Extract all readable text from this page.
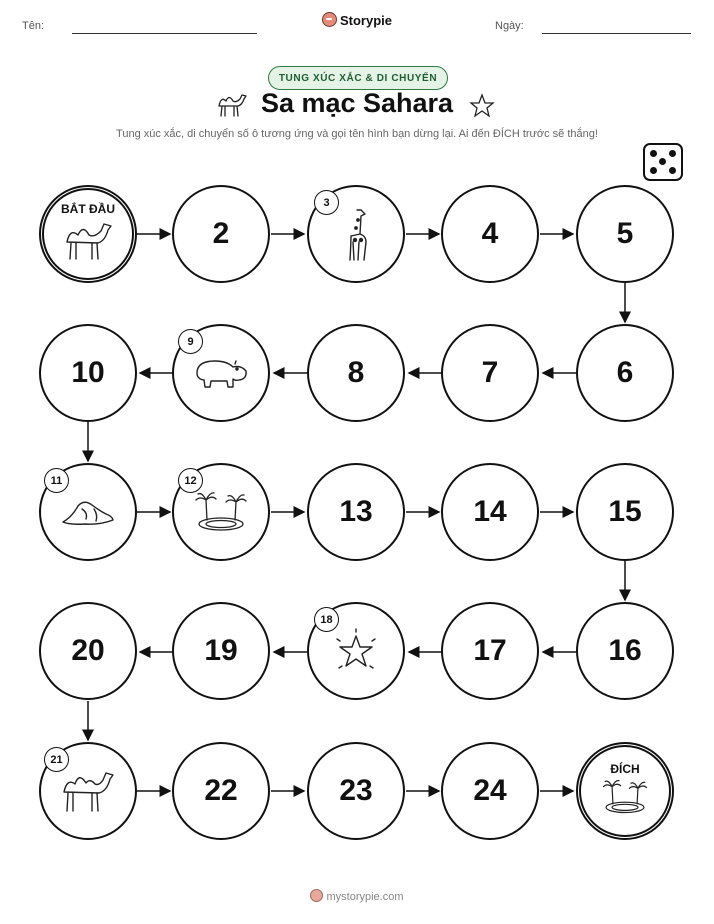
Tên:	Storypie	Ngày:
TUNG XÚC XẮC & DI CHUYỂN
Sa mạc Sahara
Tung xúc xắc, di chuyển số ô tương ứng và gọi tên hình bạn dừng lại. Ai đến ĐÍCH trước sẽ thắng!
BẮT ĐẦU
2
3
4	5
6
7
8
9
10
11	12
13	14	15
16
17
18
19
20
21
22	23	24
ĐÍCH
mystorypie.com
